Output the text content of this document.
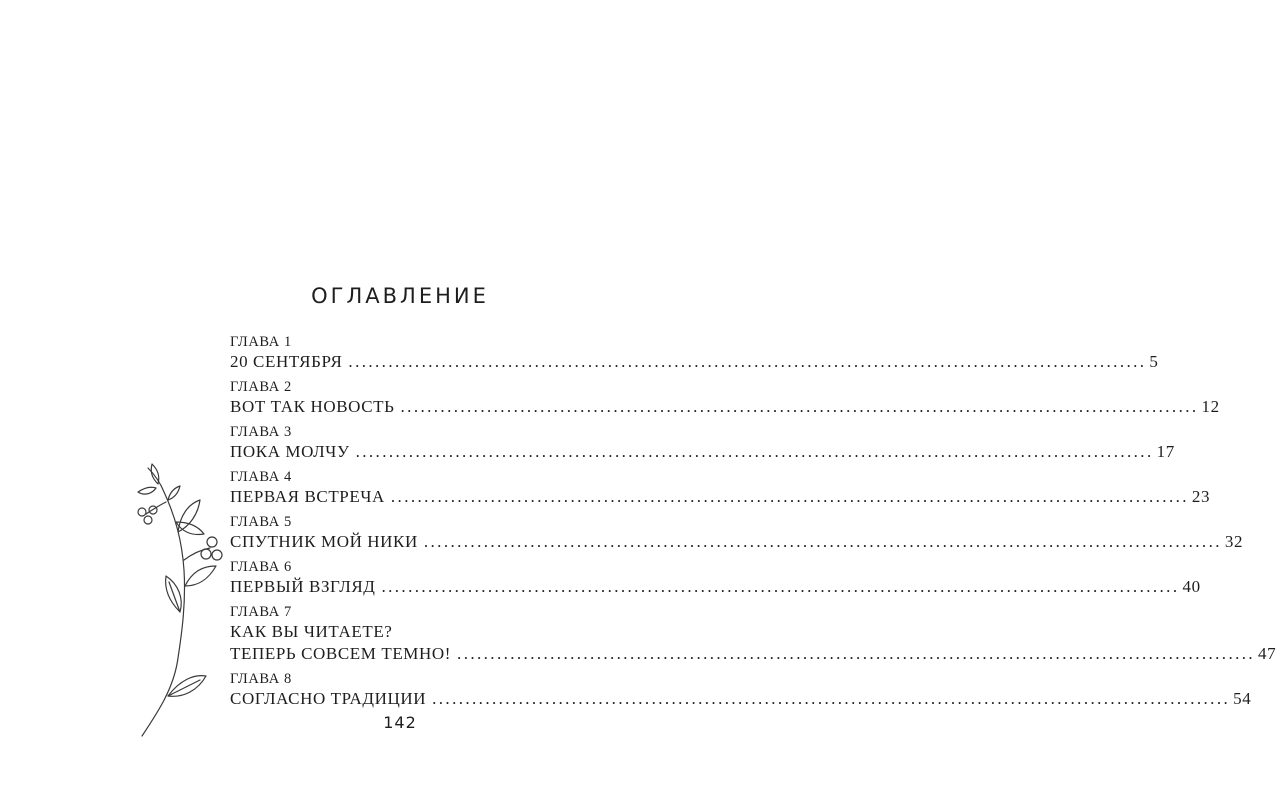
ОГЛАВЛЕНИЕ
ГЛАВА 1
20 СЕНТЯБРЯ ........................................................................................................................ 5
ГЛАВА 2
ВОТ ТАК НОВОСТЬ ........................................................................................................................ 12
ГЛАВА 3
ПОКА МОЛЧУ ........................................................................................................................ 17
ГЛАВА 4
ПЕРВАЯ ВСТРЕЧА ........................................................................................................................ 23
ГЛАВА 5
СПУТНИК МОЙ НИКИ ........................................................................................................................ 32
ГЛАВА 6
ПЕРВЫЙ ВЗГЛЯД ........................................................................................................................ 40
ГЛАВА 7
КАК ВЫ ЧИТАЕТЕ?
ТЕПЕРЬ СОВСЕМ ТЕМНО! ........................................................................................................................ 47
ГЛАВА 8
СОГЛАСНО ТРАДИЦИИ ........................................................................................................................ 54
142
